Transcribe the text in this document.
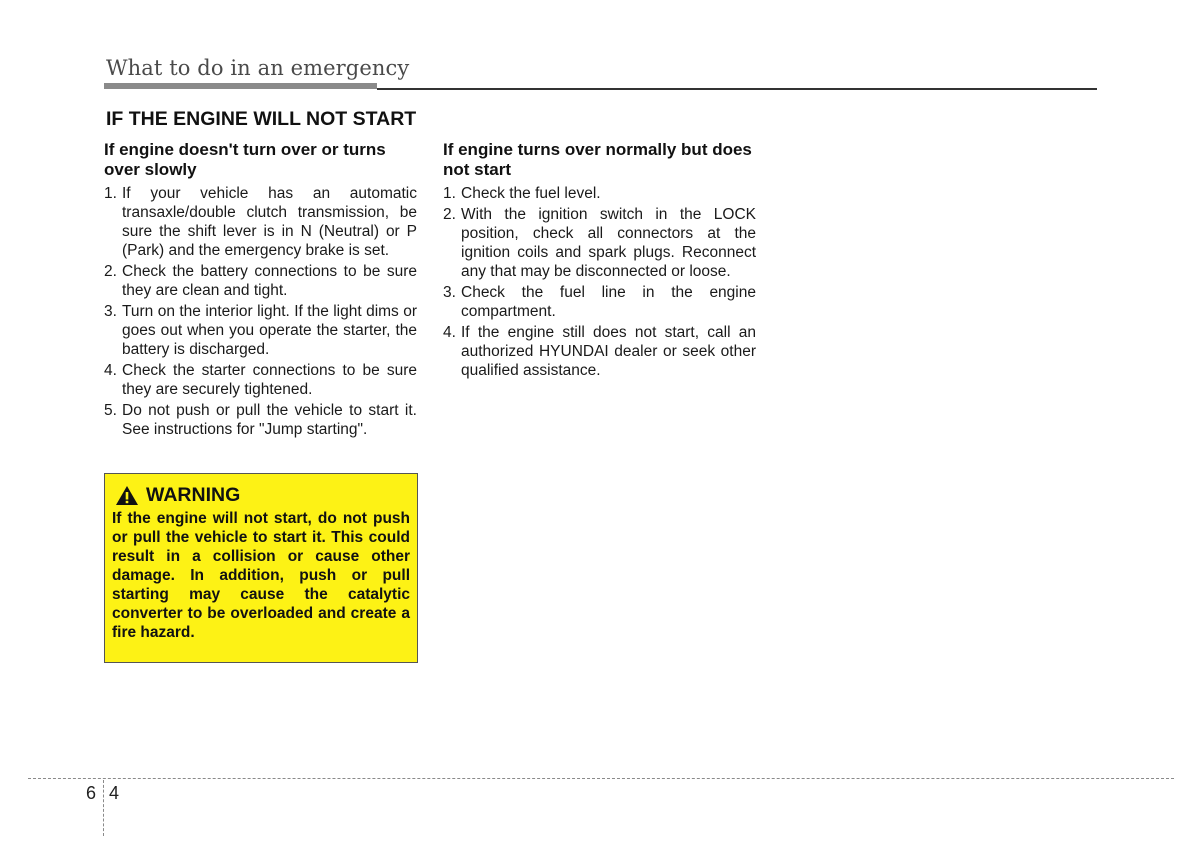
What to do in an emergency
IF THE ENGINE WILL NOT START
If engine doesn't turn over or turns over slowly
1. If your vehicle has an automatic transaxle/double clutch transmission, be sure the shift lever is in N (Neutral) or P (Park) and the emergency brake is set.
2. Check the battery connections to be sure they are clean and tight.
3. Turn on the interior light. If the light dims or goes out when you operate the starter, the battery is discharged.
4. Check the starter connections to be sure they are securely tightened.
5. Do not push or pull the vehicle to start it. See instructions for "Jump starting".
If engine turns over normally but does not start
1. Check the fuel level.
2. With the ignition switch in the LOCK position, check all connectors at the ignition coils and spark plugs. Reconnect any that may be disconnected or loose.
3. Check the fuel line in the engine compartment.
4. If the engine still does not start, call an authorized HYUNDAI dealer or seek other qualified assistance.
WARNING
If the engine will not start, do not push or pull the vehicle to start it. This could result in a collision or cause other damage. In addition, push or pull starting may cause the catalytic converter to be overloaded and create a fire hazard.
6 4
